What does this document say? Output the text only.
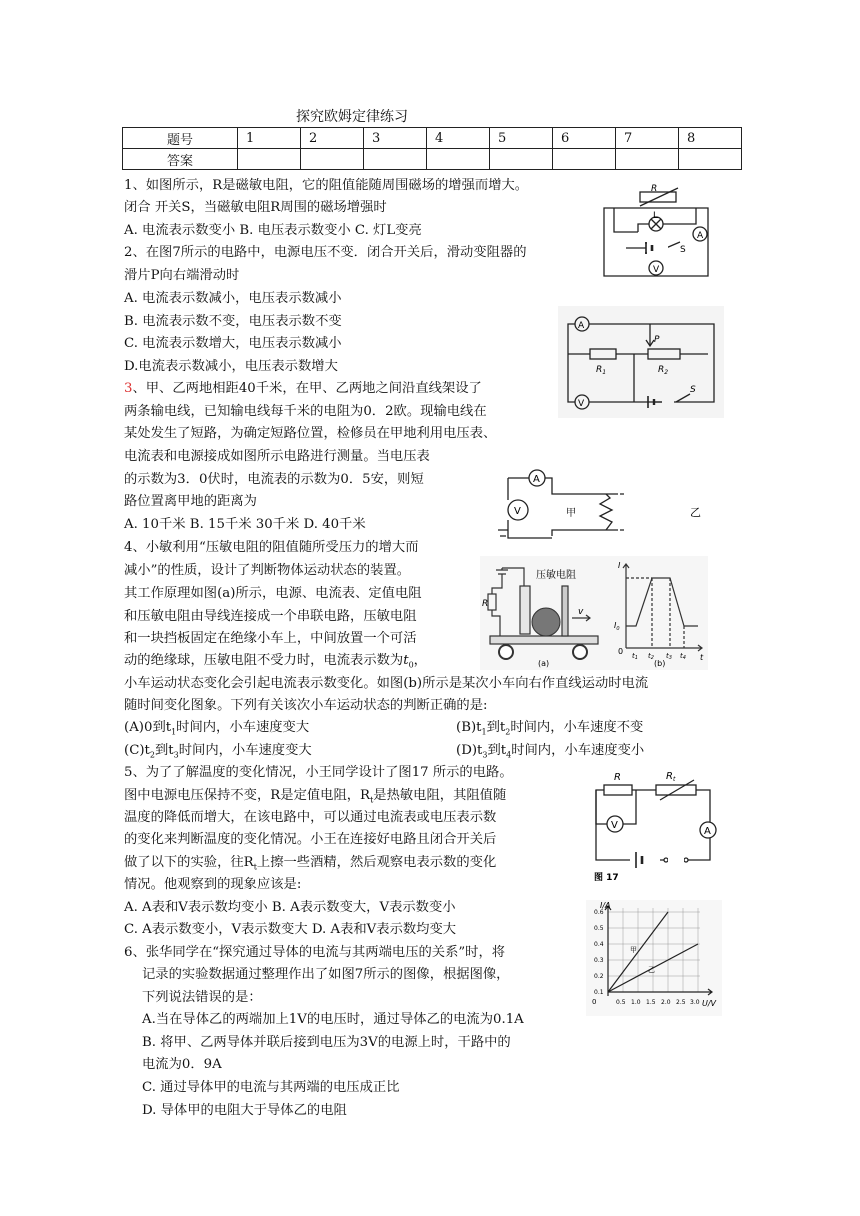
探究欧姆定律练习
题号	1	2	3	4	5	6	7	8
答案								
1、如图所示，R是磁敏电阻，它的阻值能随周围磁场的增强而增大。
闭合 开关S，当磁敏电阻R周围的磁场增强时
A. 电流表示数变小 B. 电压表示数变小 C. 灯L变亮
2、在图7所示的电路中，电源电压不变．闭合开关后，滑动变阻器的
滑片P向右端滑动时
A. 电流表示数减小，电压表示数减小
B. 电流表示数不变，电压表示数不变
C. 电流表示数增大，电压表示数减小
D.电流表示数减小，电压表示数增大
3、甲、乙两地相距40千米，在甲、乙两地之间沿直线架设了
两条输电线，已知输电线每千米的电阻为0．2欧。现输电线在
某处发生了短路，为确定短路位置，检修员在甲地利用电压表、
电流表和电源接成如图所示电路进行测量。当电压表
的示数为3．0伏时，电流表的示数为0．5安，则短
路位置离甲地的距离为
A. 10千米 B. 15千米 30千米 D. 40千米
4、小敏利用“压敏电阻的阻值随所受压力的增大而
减小”的性质，设计了判断物体运动状态的装置。
其工作原理如图(a)所示，电源、电流表、定值电阻
和压敏电阻由导线连接成一个串联电路，压敏电阻
和一块挡板固定在绝缘小车上，中间放置一个可活
动的绝缘球，压敏电阻不受力时，电流表示数为$t_0$，
小车运动状态变化会引起电流表示数变化。如图(b)所示是某次小车向右作直线运动时电流
随时间变化图象。下列有关该次小车运动状态的判断正确的是:
(A)0到$t_1$时间内，小车速度变大	$(B)t_1$到$t_2$时间内，小车速度不变
$(C)t_2$到$t_3$时间内，小车速度变大	$(D)t_3$到$t_4$时间内，小车速度变小
5、为了了解温度的变化情况，小王同学设计了图17 所示的电路。
图中电源电压保持不变，R是定值电阻，$R_t$是热敏电阻，其阻值随
温度的降低而增大，在该电路中，可以通过电流表或电压表示数
的变化来判断温度的变化情况。小王在连接好电路且闭合开关后
做了以下的实验，往$R_t$上擦一些酒精，然后观察电表示数的变化
情况。他观察到的现象应该是:
A. A表和V表示数均变小 B. A表示数变大，V表示数变小
C. A表示数变小，V表示数变大 D. A表和V表示数均变大
6、张华同学在“探究通过导体的电流与其两端电压的关系”时，将
记录的实验数据通过整理作出了如图7所示的图像，根据图像，
下列说法错误的是：
A.当在导体乙的两端加上1V的电压时，通过导体乙的电流为0.1A
B. 将甲、乙两导体并联后接到电压为3V的电源上时，干路中的
电流为0．9A
C. 通过导体甲的电流与其两端的电压成正比
D. 导体甲的电阻大于导体乙的电阻
R
L
S
A
V
A
P
$R_1$	$R_2$
V
S
A
V	甲	乙
压敏电阻
R
v
(a)	(b)
I
$I_0$
0
t
t1 t2 t3 t4
R	$R_t$
V
A
图 17
I/A
U/V
甲
乙
0
0.6
0.5
0.4
0.3
0.2
0.1
0.5 1.0 1.5 2.0 2.5 3.0
